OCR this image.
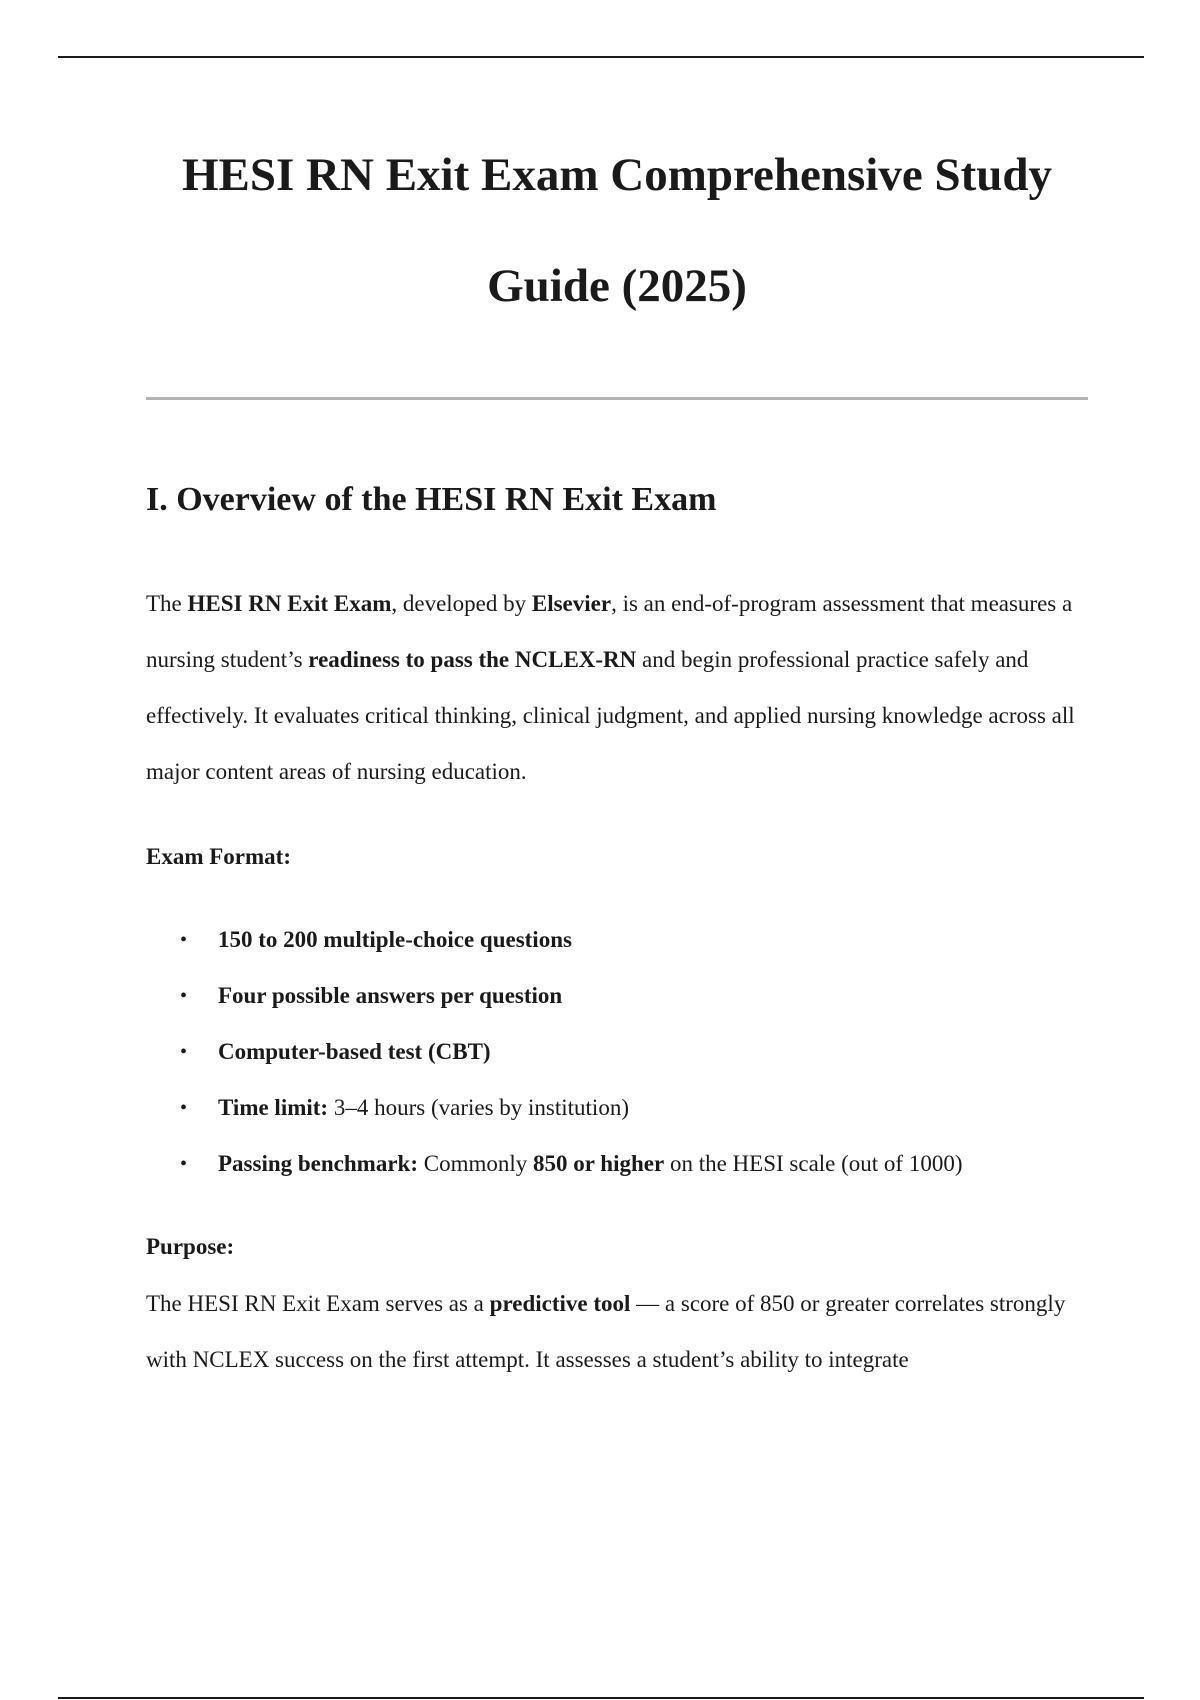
HESI RN Exit Exam Comprehensive Study
Guide (2025)
I. Overview of the HESI RN Exit Exam

The HESI RN Exit Exam, developed by Elsevier, is an end-of-program assessment that measures a nursing student’s readiness to pass the NCLEX-RN and begin professional practice safely and effectively. It evaluates critical thinking, clinical judgment, and applied nursing knowledge across all major content areas of nursing education.

Exam Format:

• 150 to 200 multiple-choice questions
• Four possible answers per question
• Computer-based test (CBT)
• Time limit: 3–4 hours (varies by institution)
• Passing benchmark: Commonly 850 or higher on the HESI scale (out of 1000)

Purpose:

The HESI RN Exit Exam serves as a predictive tool — a score of 850 or greater correlates strongly with NCLEX success on the first attempt. It assesses a student’s ability to integrate
